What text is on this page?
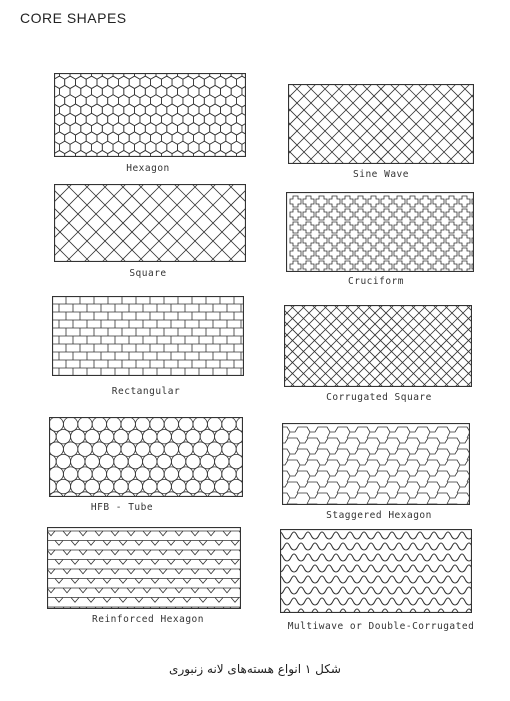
CORE SHAPES
Hexagon
Square
Rectangular
HFB - Tube
Reinforced Hexagon
Sine Wave
Cruciform
Corrugated Square
Staggered Hexagon
Multiwave or Double-Corrugated
شکل ۱ انواع هسته‌های لانه زنبوری
